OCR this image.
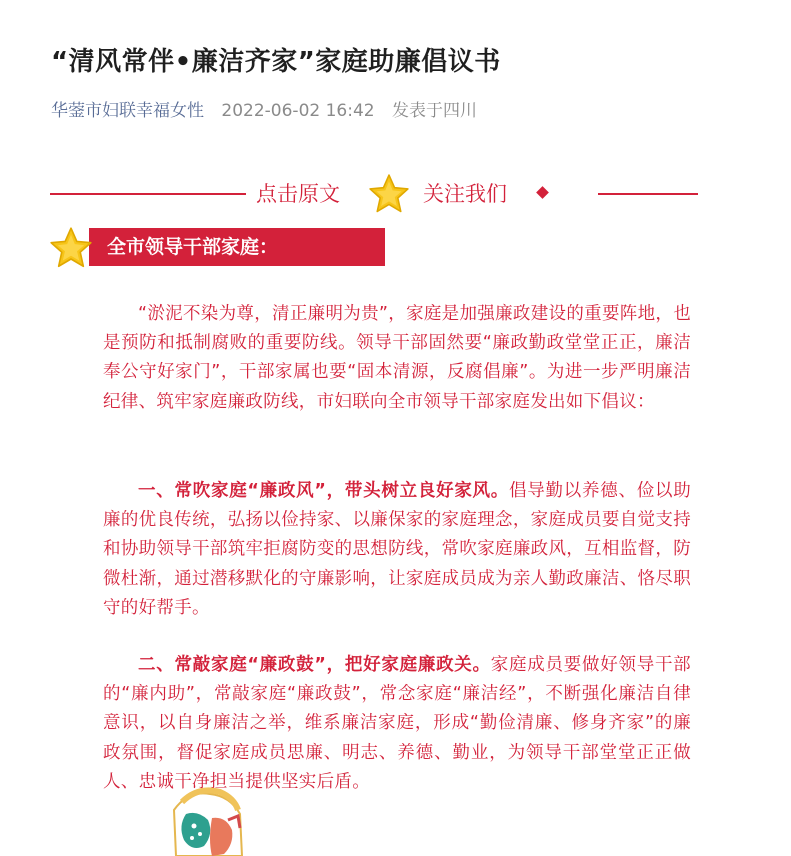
“清风常伴•廉洁齐家”家庭助廉倡议书
华蓥市妇联幸福女性 2022-06-02 16:42 发表于四川
点击原文	关注我们
全市领导干部家庭：

“淤泥不染为尊，清正廉明为贵”，家庭是加强廉政建设的重要阵地，也是预防和抵制腐败的重要防线。领导干部固然要“廉政勤政堂堂正正，廉洁奉公守好家门”，干部家属也要“固本清源，反腐倡廉”。为进一步严明廉洁纪律、筑牢家庭廉政防线，市妇联向全市领导干部家庭发出如下倡议：

一、常吹家庭“廉政风”，带头树立良好家风。倡导勤以养德、俭以助廉的优良传统，弘扬以俭持家、以廉保家的家庭理念，家庭成员要自觉支持和协助领导干部筑牢拒腐防变的思想防线，常吹家庭廉政风，互相监督，防微杜渐，通过潜移默化的守廉影响，让家庭成员成为亲人勤政廉洁、恪尽职守的好帮手。

二、常敲家庭“廉政鼓”，把好家庭廉政关。家庭成员要做好领导干部的“廉内助”，常敲家庭“廉政鼓”，常念家庭“廉洁经”，不断强化廉洁自律意识，以自身廉洁之举，维系廉洁家庭，形成“勤俭清廉、修身齐家”的廉政氛围，督促家庭成员思廉、明志、养德、勤业，为领导干部堂堂正正做人、忠诚干净担当提供坚实后盾。
